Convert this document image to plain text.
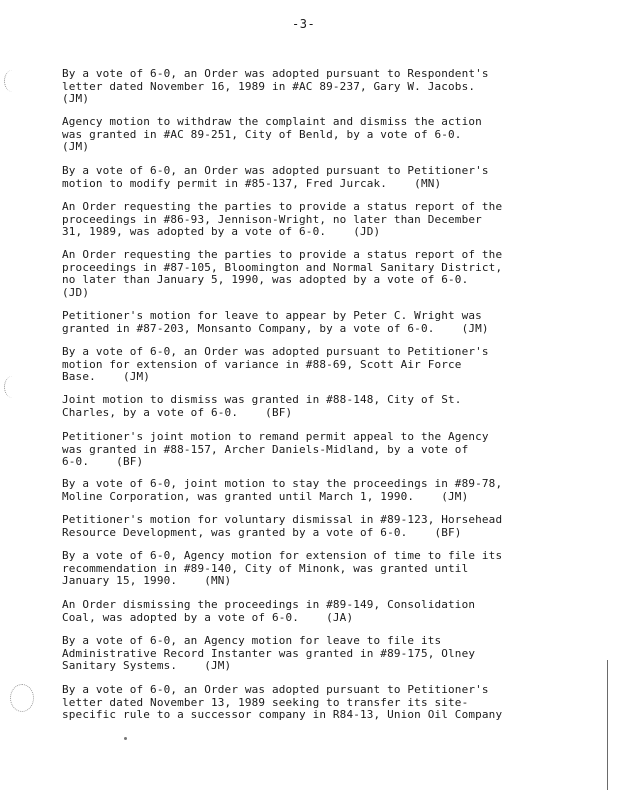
-3-
By a vote of 6-0, an Order was adopted pursuant to Respondent's
letter dated November 16, 1989 in #AC 89-237, Gary W. Jacobs.
(JM)
Agency motion to withdraw the complaint and dismiss the action
was granted in #AC 89-251, City of Benld, by a vote of 6-0.
(JM)
By a vote of 6-0, an Order was adopted pursuant to Petitioner's
motion to modify permit in #85-137, Fred Jurcak.    (MN)
An Order requesting the parties to provide a status report of the
proceedings in #86-93, Jennison-Wright, no later than December
31, 1989, was adopted by a vote of 6-0.    (JD)
An Order requesting the parties to provide a status report of the
proceedings in #87-105, Bloomington and Normal Sanitary District,
no later than January 5, 1990, was adopted by a vote of 6-0.
(JD)
Petitioner's motion for leave to appear by Peter C. Wright was
granted in #87-203, Monsanto Company, by a vote of 6-0.    (JM)
By a vote of 6-0, an Order was adopted pursuant to Petitioner's
motion for extension of variance in #88-69, Scott Air Force
Base.    (JM)
Joint motion to dismiss was granted in #88-148, City of St.
Charles, by a vote of 6-0.    (BF)
Petitioner's joint motion to remand permit appeal to the Agency
was granted in #88-157, Archer Daniels-Midland, by a vote of
6-0.    (BF)
By a vote of 6-0, joint motion to stay the proceedings in #89-78,
Moline Corporation, was granted until March 1, 1990.    (JM)
Petitioner's motion for voluntary dismissal in #89-123, Horsehead
Resource Development, was granted by a vote of 6-0.    (BF)
By a vote of 6-0, Agency motion for extension of time to file its
recommendation in #89-140, City of Minonk, was granted until
January 15, 1990.    (MN)
An Order dismissing the proceedings in #89-149, Consolidation
Coal, was adopted by a vote of 6-0.    (JA)
By a vote of 6-0, an Agency motion for leave to file its
Administrative Record Instanter was granted in #89-175, Olney
Sanitary Systems.    (JM)
By a vote of 6-0, an Order was adopted pursuant to Petitioner's
letter dated November 13, 1989 seeking to transfer its site-
specific rule to a successor company in R84-13, Union Oil Company
